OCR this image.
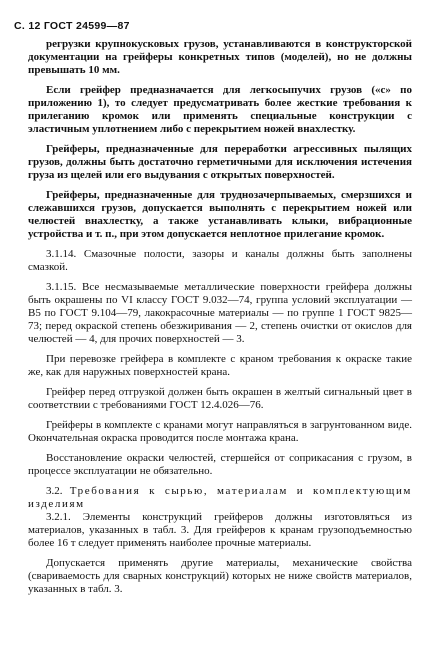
С. 12 ГОСТ 24599—87

регрузки крупнокусковых грузов, устанавливаются в конструкторской документации на грейферы конкретных типов (моделей), но не должны превышать 10 мм.

Если грейфер предназначается для легкосыпучих грузов («с» по приложению 1), то следует предусматривать более жесткие требования к прилеганию кромок или применять специальные конструкции с эластичным уплотнением либо с перекрытием ножей внахлестку.

Грейферы, предназначенные для переработки агрессивных пылящих грузов, должны быть достаточно герметичными для исключения истечения груза из щелей или его выдувания с открытых поверхностей.

Грейферы, предназначенные для труднозачерпываемых, смерзшихся и слежавшихся грузов, допускается выполнять с перекрытием ножей или челюстей внахлестку, а также устанавливать клыки, вибрационные устройства и т. п., при этом допускается неплотное прилегание кромок.

3.1.14. Смазочные полости, зазоры и каналы должны быть заполнены смазкой.

3.1.15. Все несмазываемые металлические поверхности грейфера должны быть окрашены по VI классу ГОСТ 9.032—74, группа условий эксплуатации — В5 по ГОСТ 9.104—79, лакокрасочные материалы — по группе 1 ГОСТ 9825—73; перед окраской степень обезжиривания — 2, степень очистки от окислов для челюстей — 4, для прочих поверхностей — 3.

При перевозке грейфера в комплекте с краном требования к окраске такие же, как для наружных поверхностей крана.

Грейфер перед отгрузкой должен быть окрашен в желтый сигнальный цвет в соответствии с требованиями ГОСТ 12.4.026—76.

Грейферы в комплекте с кранами могут направляться в загрунтованном виде. Окончательная окраска проводится после монтажа крана.

Восстановление окраски челюстей, стершейся от соприкасания с грузом, в процессе эксплуатации не обязательно.

3.2. Требования к сырью, материалам и комплектующим изделиям

3.2.1. Элементы конструкций грейферов должны изготовляться из материалов, указанных в табл. 3. Для грейферов к кранам грузоподъемностью более 16 т следует применять наиболее прочные материалы.

Допускается применять другие материалы, механические свойства (свариваемость для сварных конструкций) которых не ниже свойств материалов, указанных в табл. 3.
